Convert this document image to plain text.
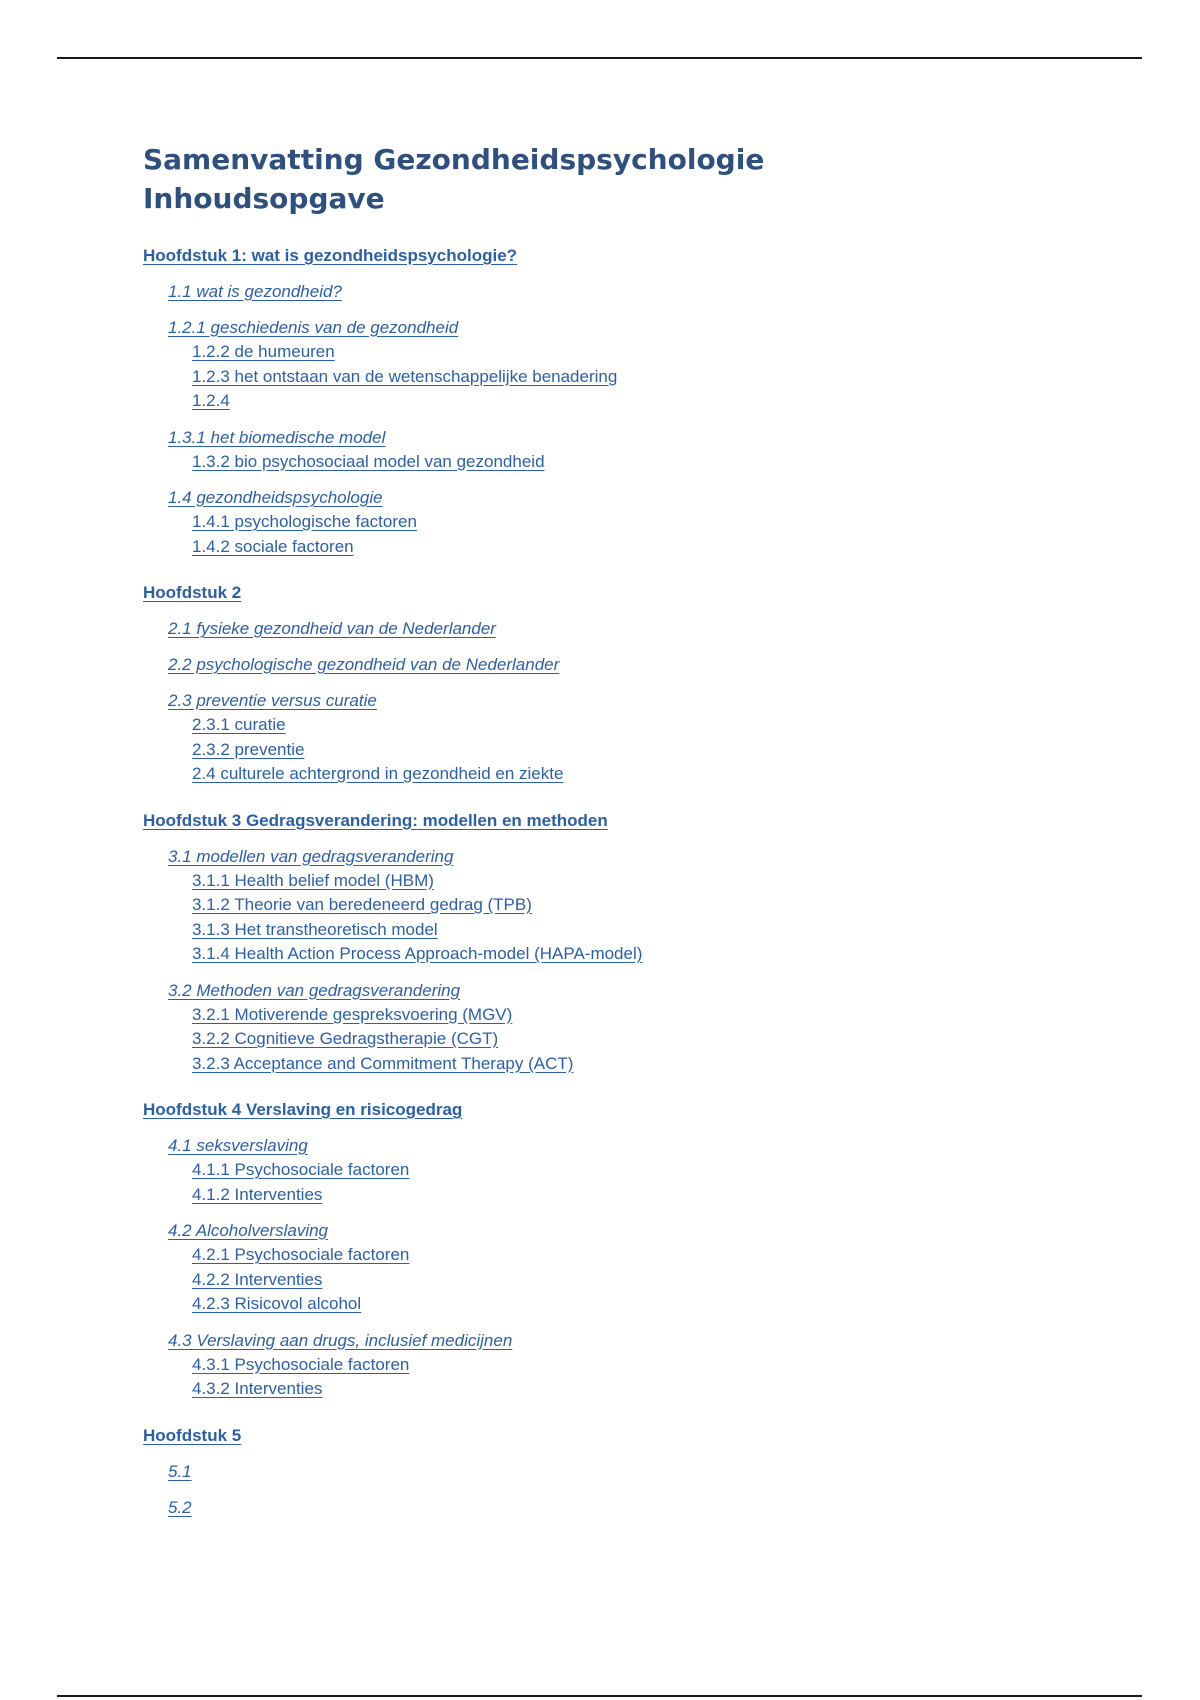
Samenvatting Gezondheidspsychologie
Inhoudsopgave
Hoofdstuk 1: wat is gezondheidspsychologie?
1.1 wat is gezondheid?
1.2.1 geschiedenis van de gezondheid
1.2.2 de humeuren
1.2.3 het ontstaan van de wetenschappelijke benadering
1.2.4
1.3.1 het biomedische model
1.3.2 bio psychosociaal model van gezondheid
1.4 gezondheidspsychologie
1.4.1 psychologische factoren
1.4.2 sociale factoren
Hoofdstuk 2
2.1 fysieke gezondheid van de Nederlander
2.2 psychologische gezondheid van de Nederlander
2.3 preventie versus curatie
2.3.1 curatie
2.3.2 preventie
2.4 culturele achtergrond in gezondheid en ziekte
Hoofdstuk 3 Gedragsverandering: modellen en methoden
3.1 modellen van gedragsverandering
3.1.1 Health belief model (HBM)
3.1.2 Theorie van beredeneerd gedrag (TPB)
3.1.3 Het transtheoretisch model
3.1.4 Health Action Process Approach-model (HAPA-model)
3.2 Methoden van gedragsverandering
3.2.1 Motiverende gespreksvoering (MGV)
3.2.2 Cognitieve Gedragstherapie (CGT)
3.2.3 Acceptance and Commitment Therapy (ACT)
Hoofdstuk 4 Verslaving en risicogedrag
4.1 seksverslaving
4.1.1 Psychosociale factoren
4.1.2 Interventies
4.2 Alcoholverslaving
4.2.1 Psychosociale factoren
4.2.2 Interventies
4.2.3 Risicovol alcohol
4.3 Verslaving aan drugs, inclusief medicijnen
4.3.1 Psychosociale factoren
4.3.2 Interventies
Hoofdstuk 5
5.1
5.2
